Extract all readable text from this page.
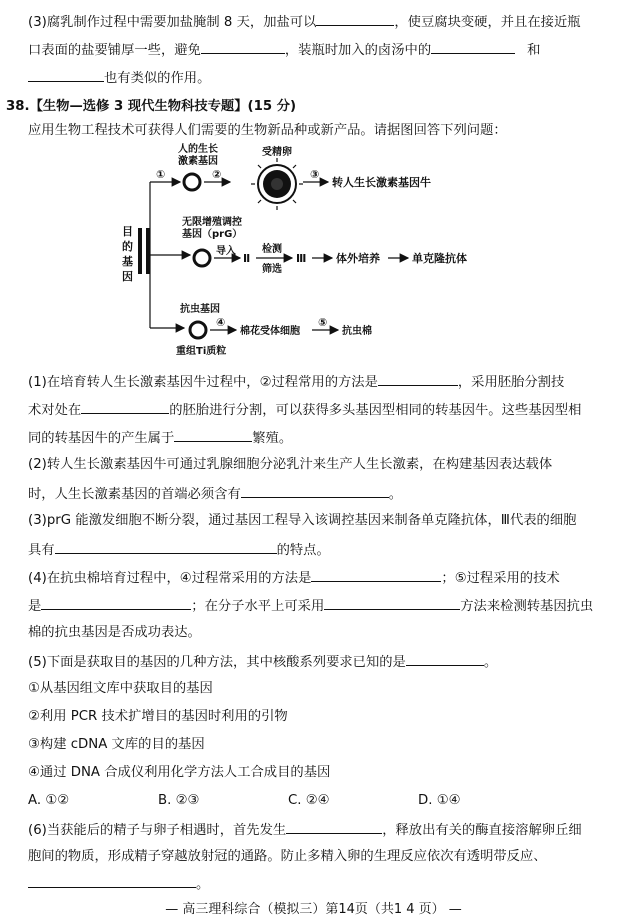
(3)腐乳制作过程中需要加盐腌制 8 天，加盐可以	，使豆腐块变硬，并且在接近瓶
口表面的盐要铺厚一些，避免	，装瓶时加入的卤汤中的	和
也有类似的作用。
38.【生物—选修 3 现代生物科技专题】(15 分)
应用生物工程技术可获得人们需要的生物新品种或新产品。请据图回答下列问题：
目
的
基
因
①
人的生长
激素基因
②
受精卵
③
转人生长激素基因牛
无限增殖调控
基因（prG）
导入
Ⅱ
检测
筛选
Ⅲ	体外培养	单克隆抗体
抗虫基因
重组Ti质粒
④
棉花受体细胞
⑤
抗虫棉
(1)在培育转人生长激素基因牛过程中，②过程常用的方法是	，采用胚胎分割技
术对处在	的胚胎进行分割，可以获得多头基因型相同的转基因牛。这些基因型相
同的转基因牛的产生属于	繁殖。
(2)转人生长激素基因牛可通过乳腺细胞分泌乳汁来生产人生长激素，在构建基因表达载体
时，人生长激素基因的首端必须含有	。
(3)prG 能激发细胞不断分裂，通过基因工程导入该调控基因来制备单克隆抗体，Ⅲ代表的细胞
具有	的特点。
(4)在抗虫棉培育过程中，④过程常采用的方法是	；⑤过程采用的技术
是	；在分子水平上可采用	方法来检测转基因抗虫
棉的抗虫基因是否成功表达。
(5)下面是获取目的基因的几种方法，其中核酸系列要求已知的是	。
①从基因组文库中获取目的基因
②利用 PCR 技术扩增目的基因时利用的引物
③构建 cDNA 文库的目的基因
④通过 DNA 合成仪利用化学方法人工合成目的基因
A. ①②	B. ②③	C. ②④	D. ①④
(6)当获能后的精子与卵子相遇时，首先发生	，释放出有关的酶直接溶解卵丘细
胞间的物质，形成精子穿越放射冠的通路。防止多精入卵的生理反应依次有透明带反应、
。
— 高三理科综合（模拟三）第14页（共1 4 页） —
